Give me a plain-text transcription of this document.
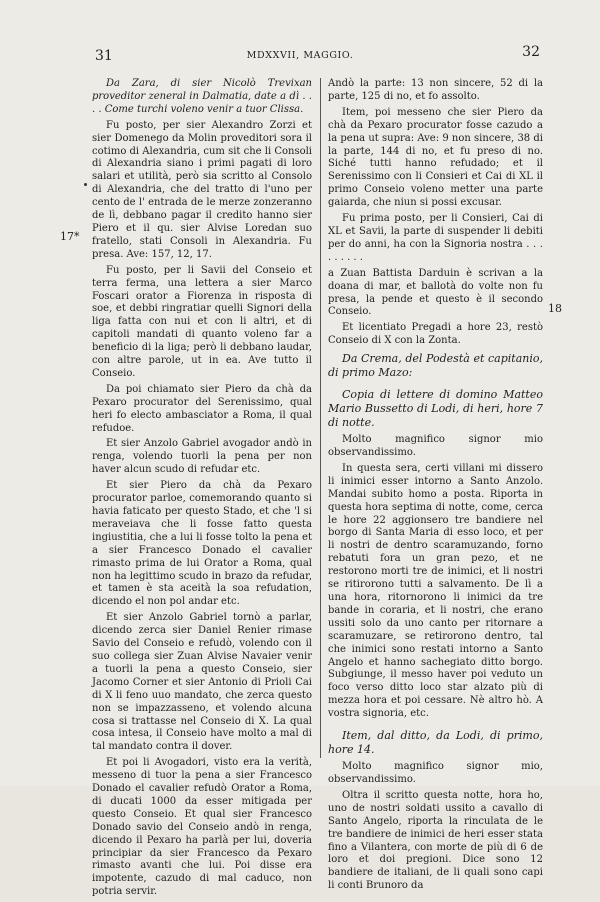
31	MDXXVII, MAGGIO.	32
17*
18

Da Zara, di sier Nicolò Trevixan proveditor zeneral in Dalmatia, date a dì . . . . Come turchi voleno venir a tuor Clissa.

Fu posto, per sier Alexandro Zorzi et sier Domenego da Molin proveditori sora il cotimo di Alexandria, cum sit che li Consoli di Alexandria siano i primi pagati di loro salari et utilità, però sia scritto al Consolo di Alexandria, che del tratto di l'uno per cento de l' entrada de le merze zonzeranno de lì, debbano pagar il credito hanno sier Piero et il qu. sier Alvise Loredan suo fratello, stati Consoli in Alexandria. Fu presa. Ave: 157, 12, 17.

Fu posto, per li Savii del Conseio et terra ferma, una lettera a sier Marco Foscari orator a Fiorenza in risposta di soe, et debbi ringratiar quelli Signori della liga fatta con nui et con li altri, et di capitoli mandati di quanto voleno far a beneficio di la liga; però li debbano laudar, con altre parole, ut in ea. Ave tutto il Conseio.

Da poi chiamato sier Piero da chà da Pexaro procurator del Serenissimo, qual heri fo electo ambasciator a Roma, il qual refudoe.

Et sier Anzolo Gabriel avogador andò in renga, volendo tuorli la pena per non haver alcun scudo di refudar etc.

Et sier Piero da chà da Pexaro procurator parloe, comemorando quanto si havia faticato per questo Stado, et che 'l si meraveiava che li fosse fatto questa ingiustitia, che a lui li fosse tolto la pena et a sier Francesco Donado el cavalier rimasto prima de lui Orator a Roma, qual non ha legittimo scudo in brazo da refudar, et tamen è sta aceità la soa refudation, dicendo el non pol andar etc.

Et sier Anzolo Gabriel tornò a parlar, dicendo zerca sier Daniel Renier rimase Savio del Conseio e refudò, volendo con il suo collega sier Zuan Alvise Navaier venir a tuorli la pena a questo Conseio, sier Jacomo Corner et sier Antonio di Prioli Cai di X li feno uuo mandato, che zerca questo non se impazzasseno, et volendo alcuna cosa si trattasse nel Conseio di X. La qual cosa intesa, il Conseio have molto a mal di tal mandato contra il dover.

Et poi li Avogadori, visto era la verità, messeno di tuor la pena a sier Francesco Donado el cavalier refudò Orator a Roma, di ducati 1000 da esser mitigada per questo Conseio. Et qual sier Francesco Donado savio del Conseio andò in renga, dicendo il Pexaro ha parlà per lui, doveria principiar da sier Francesco da Pexaro rimasto avanti che lui. Poi disse era impotente, cazudo di mal caduco, non potria servir.

Andò la parte: 13 non sincere, 52 di la parte, 125 di no, et fo assolto.

Item, poi messeno che sier Piero da chà da Pexaro procurator fosse cazudo a la pena ut supra: Ave: 9 non sincere, 38 di la parte, 144 di no, et fu preso di no. Siché tutti hanno refudado; et il Serenissimo con li Consieri et Cai di XL il primo Conseio voleno metter una parte gaiarda, che niun si possi excusar.

Fu prima posto, per li Consieri, Cai di XL et Savii, la parte di suspender li debiti per do anni, ha con la Signoria nostra . . . . . . . . .

a Zuan Battista Darduin è scrivan a la doana di mar, et ballotà do volte non fu presa, la pende et questo è il secondo Conseio.

Et licentiato Pregadi a hore 23, restò Conseio di X con la Zonta.

Da Crema, del Podestà et capitanio, di primo Mazo:

Copia di lettere di domino Matteo Mario Bussetto di Lodi, di heri, hore 7 di notte.

Molto magnifico signor mio observandissimo.

In questa sera, certi villani mi dissero li inimici esser intorno a Santo Anzolo. Mandai subito homo a posta. Riporta in questa hora septima di notte, come, cerca le hore 22 aggionsero tre bandiere nel borgo di Santa Maria di esso loco, et per li nostri de dentro scaramuzando, forno rebatuti fora un gran pezo, et ne restorono morti tre de inimici, et li nostri se ritirorono tutti a salvamento. De lì a una hora, ritornorono li inimici da tre bande in coraria, et li nostri, che erano ussiti solo da uno canto per ritornare a scaramuzare, se retirorono dentro, tal che inimici sono restati intorno a Santo Angelo et hanno sachegiato ditto borgo. Subgiunge, il messo haver poi veduto un foco verso ditto loco star alzato più di mezza hora et poi cessare. Nè altro hò. A vostra signoria, etc.

Item, dal ditto, da Lodi, di primo, hore 14.

Molto magnifico signor mio, observandissimo.

Oltra il scritto questa notte, hora ho, uno de nostri soldati ussito a cavallo di Santo Angelo, riporta la rinculata de le tre bandiere de inimici de heri esser stata fino a Vilantera, con morte de più di 6 de loro et doi pregioni. Dice sono 12 bandiere de italiani, de li quali sono capi li conti Brunoro da
